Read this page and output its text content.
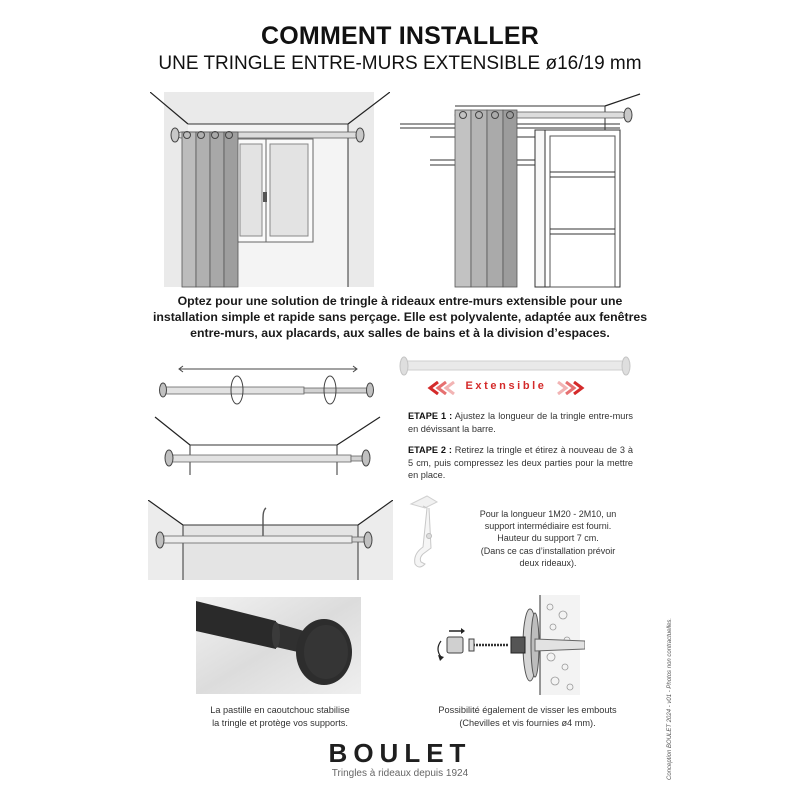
COMMENT INSTALLER
UNE TRINGLE ENTRE-MURS EXTENSIBLE ø16/19 mm
Optez pour une solution de tringle à rideaux entre-murs extensible pour une
installation simple et rapide sans perçage. Elle est polyvalente, adaptée aux fenêtres
entre-murs, aux placards, aux salles de bains et à la division d’espaces.
Extensible
ETAPE 1 : Ajustez la longueur de la tringle entre-murs en dévissant la barre.
ETAPE 2 : Retirez la tringle et étirez à nouveau de 3 à 5 cm, puis compressez les deux parties pour la mettre en place.
Pour la longueur 1M20 - 2M10, un
support intermédiaire est fourni.
Hauteur du support 7 cm.
(Dans ce cas d’installation prévoir
deux rideaux).
La pastille en caoutchouc stabilise
la tringle et protège vos supports.
Possibilité également de visser les embouts
(Chevilles et vis fournies ø4 mm).	Conception BOULET 2024 - v01 - Photos non contractuelles.
BOULET
Tringles à rideaux depuis 1924
